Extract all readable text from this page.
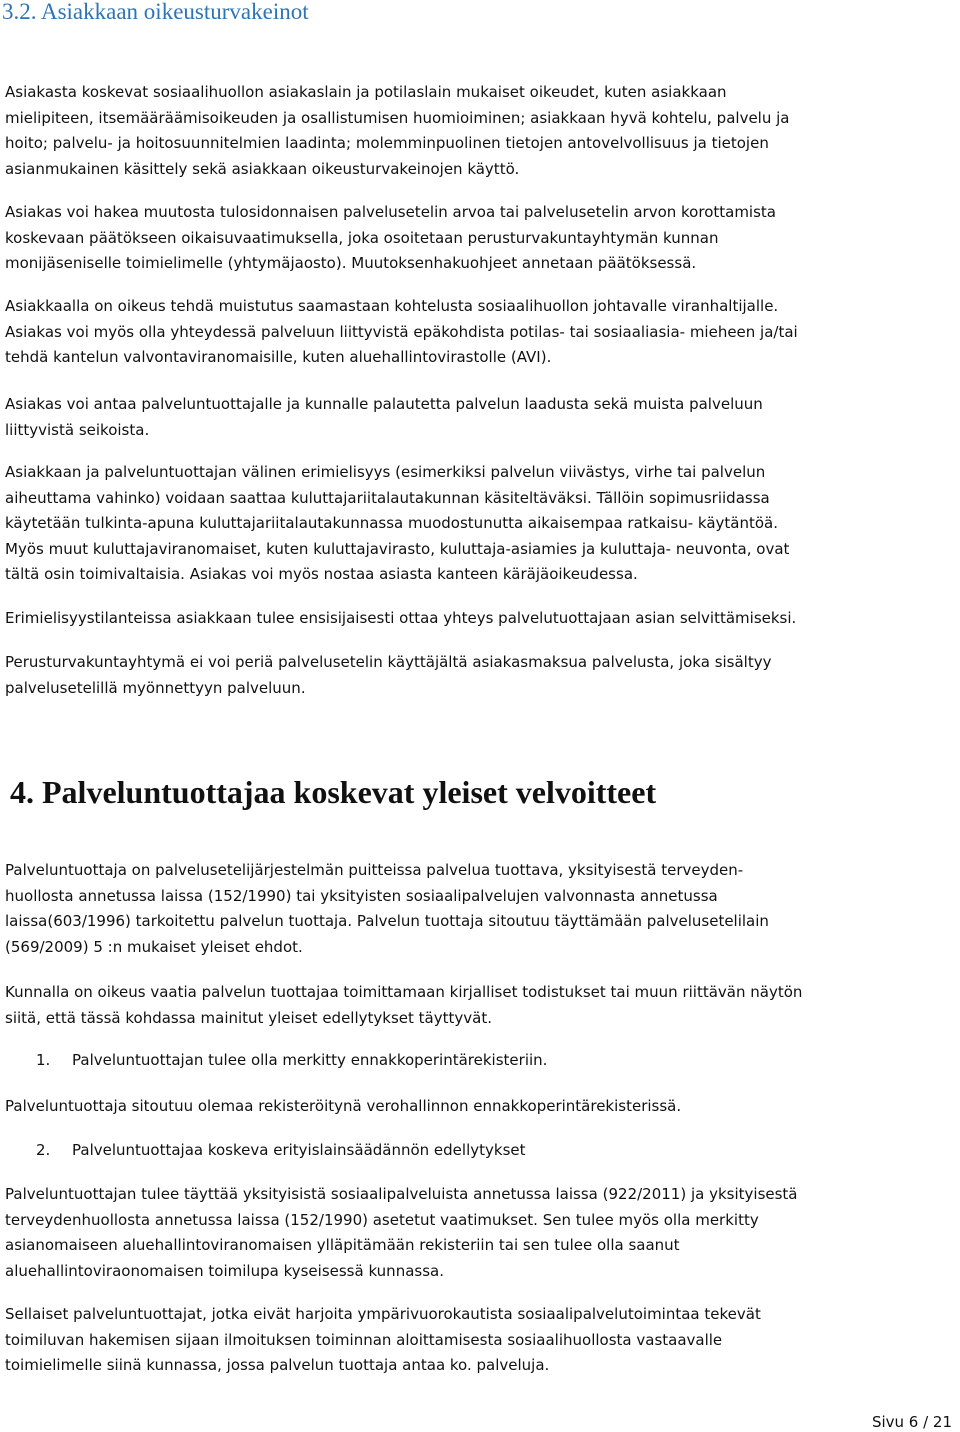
3.2. Asiakkaan oikeusturvakeinot

Asiakasta koskevat sosiaalihuollon asiakaslain ja potilaslain mukaiset oikeudet, kuten asiakkaan
mielipiteen, itsemääräämisoikeuden ja osallistumisen huomioiminen; asiakkaan hyvä kohtelu, palvelu ja
hoito; palvelu- ja hoitosuunnitelmien laadinta; molemminpuolinen tietojen antovelvollisuus ja tietojen
asianmukainen käsittely sekä asiakkaan oikeusturvakeinojen käyttö.

Asiakas voi hakea muutosta tulosidonnaisen palvelusetelin arvoa tai palvelusetelin arvon korottamista
koskevaan päätökseen oikaisuvaatimuksella, joka osoitetaan perusturvakuntayhtymän kunnan
monijäseniselle toimielimelle (yhtymäjaosto). Muutoksenhakuohjeet annetaan päätöksessä.

Asiakkaalla on oikeus tehdä muistutus saamastaan kohtelusta sosiaalihuollon johtavalle viranhaltijalle.
Asiakas voi myös olla yhteydessä palveluun liittyvistä epäkohdista potilas- tai sosiaaliasia- mieheen ja/tai
tehdä kantelun valvontaviranomaisille, kuten aluehallintovirastolle (AVI).

Asiakas voi antaa palveluntuottajalle ja kunnalle palautetta palvelun laadusta sekä muista palveluun
liittyvistä seikoista.

Asiakkaan ja palveluntuottajan välinen erimielisyys (esimerkiksi palvelun viivästys, virhe tai palvelun
aiheuttama vahinko) voidaan saattaa kuluttajariitalautakunnan käsiteltäväksi. Tällöin sopimusriidassa
käytetään tulkinta-apuna kuluttajariitalautakunnassa muodostunutta aikaisempaa ratkaisu- käytäntöä.
Myös muut kuluttajaviranomaiset, kuten kuluttajavirasto, kuluttaja-asiamies ja kuluttaja- neuvonta, ovat
tältä osin toimivaltaisia. Asiakas voi myös nostaa asiasta kanteen käräjäoikeudessa.

Erimielisyystilanteissa asiakkaan tulee ensisijaisesti ottaa yhteys palvelutuottajaan asian selvittämiseksi.

Perusturvakuntayhtymä ei voi periä palvelusetelin käyttäjältä asiakasmaksua palvelusta, joka sisältyy
palvelusetelillä myönnettyyn palveluun.

4. Palveluntuottajaa koskevat yleiset velvoitteet

Palveluntuottaja on palvelusetelijärjestelmän puitteissa palvelua tuottava, yksityisestä terveyden-
huollosta annetussa laissa (152/1990) tai yksityisten sosiaalipalvelujen valvonnasta annetussa
laissa(603/1996) tarkoitettu palvelun tuottaja. Palvelun tuottaja sitoutuu täyttämään palvelusetelilain
(569/2009) 5 :n mukaiset yleiset ehdot.

Kunnalla on oikeus vaatia palvelun tuottajaa toimittamaan kirjalliset todistukset tai muun riittävän näytön
siitä, että tässä kohdassa mainitut yleiset edellytykset täyttyvät.

1. Palveluntuottajan tulee olla merkitty ennakkoperintärekisteriin.

Palveluntuottaja sitoutuu olemaa rekisteröitynä verohallinnon ennakkoperintärekisterissä.

2. Palveluntuottajaa koskeva erityislainsäädännön edellytykset

Palveluntuottajan tulee täyttää yksityisistä sosiaalipalveluista annetussa laissa (922/2011) ja yksityisestä
terveydenhuollosta annetussa laissa (152/1990) asetetut vaatimukset. Sen tulee myös olla merkitty
asianomaiseen aluehallintoviranomaisen ylläpitämään rekisteriin tai sen tulee olla saanut
aluehallintoviraonomaisen toimilupa kyseisessä kunnassa.

Sellaiset palveluntuottajat, jotka eivät harjoita ympärivuorokautista sosiaalipalvelutoimintaa tekevät
toimiluvan hakemisen sijaan ilmoituksen toiminnan aloittamisesta sosiaalihuollosta vastaavalle
toimielimelle siinä kunnassa, jossa palvelun tuottaja antaa ko. palveluja.

Sivu 6 / 21
